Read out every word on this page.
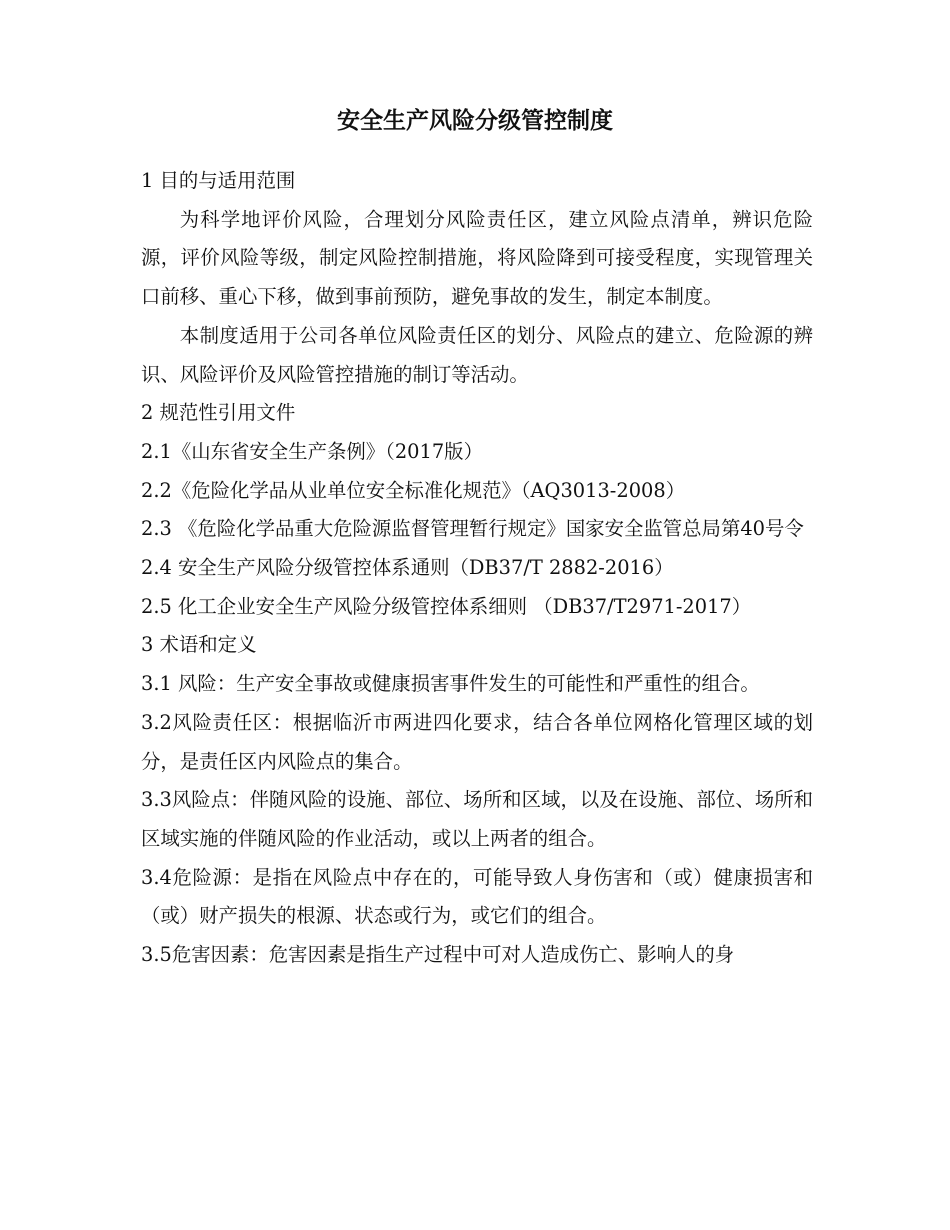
安全生产风险分级管控制度

1 目的与适用范围

为科学地评价风险，合理划分风险责任区，建立风险点清单，辨识危险源，评价风险等级，制定风险控制措施，将风险降到可接受程度，实现管理关口前移、重心下移，做到事前预防，避免事故的发生，制定本制度。

本制度适用于公司各单位风险责任区的划分、风险点的建立、危险源的辨识、风险评价及风险管控措施的制订等活动。

2 规范性引用文件

2.1《山东省安全生产条例》（2017版）

2.2《危险化学品从业单位安全标准化规范》（AQ3013-2008）

2.3 《危险化学品重大危险源监督管理暂行规定》国家安全监管总局第40号令

2.4 安全生产风险分级管控体系通则（DB37/T 2882-2016）

2.5 化工企业安全生产风险分级管控体系细则 （DB37/T2971-2017）

3 术语和定义

3.1 风险：生产安全事故或健康损害事件发生的可能性和严重性的组合。

3.2风险责任区：根据临沂市两进四化要求，结合各单位网格化管理区域的划分，是责任区内风险点的集合。

3.3风险点：伴随风险的设施、部位、场所和区域，以及在设施、部位、场所和区域实施的伴随风险的作业活动，或以上两者的组合。

3.4危险源：是指在风险点中存在的，可能导致人身伤害和（或）健康损害和（或）财产损失的根源、状态或行为，或它们的组合。

3.5危害因素：危害因素是指生产过程中可对人造成伤亡、影响人的身
